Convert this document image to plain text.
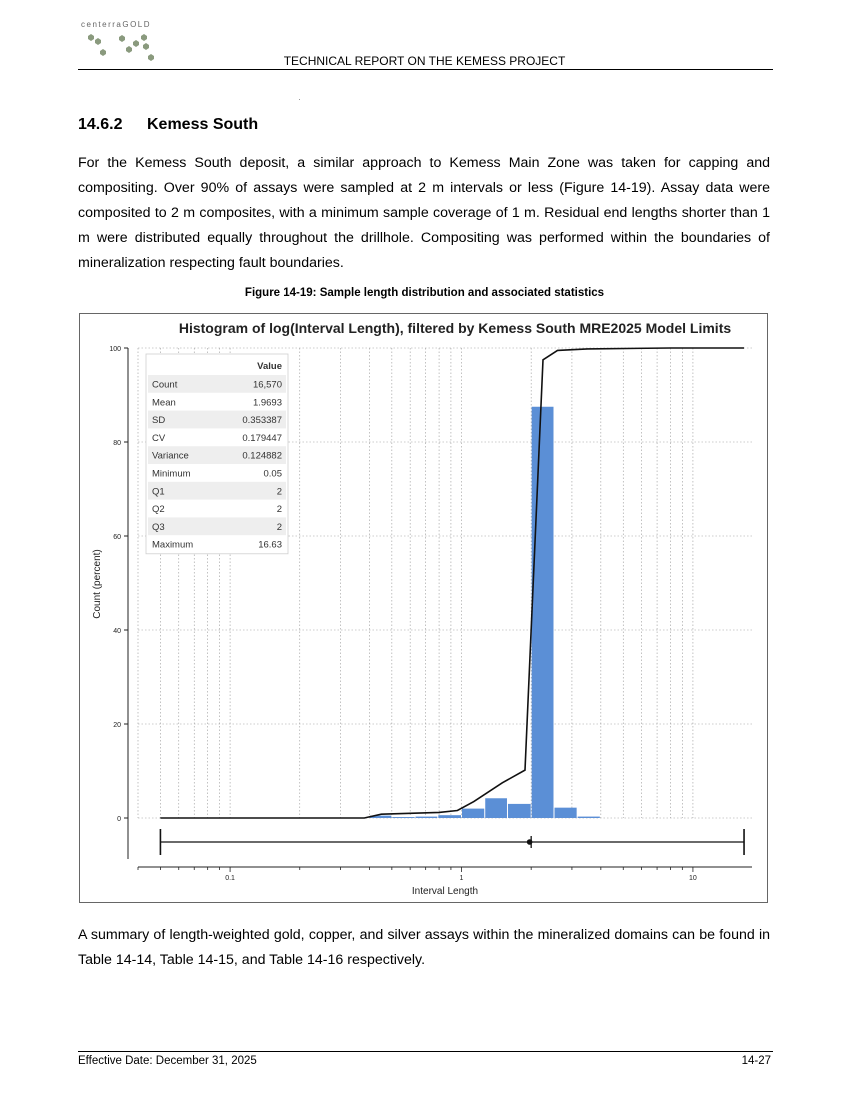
centerraGOLD
TECHNICAL REPORT ON THE KEMESS PROJECT
14.6.2 Kemess South
For the Kemess South deposit, a similar approach to Kemess Main Zone was taken for capping and compositing. Over 90% of assays were sampled at 2 m intervals or less (Figure 14-19). Assay data were composited to 2 m composites, with a minimum sample coverage of 1 m. Residual end lengths shorter than 1 m were distributed equally throughout the drillhole. Compositing was performed within the boundaries of mineralization respecting fault boundaries.
Figure 14-19: Sample length distribution and associated statistics
Histogram of log(Interval Length), filtered by Kemess South MRE2025 Model Limits
0
20
40
60
80
100
0.1	1	10
Value
Count	16,570
Mean	1.9693
SD	0.353387
CV	0.179447
Variance	0.124882
Minimum	0.05
Q1	2
Q2	2
Q3	2
Maximum	16.63
Interval Length
Count (percent)
A summary of length-weighted gold, copper, and silver assays within the mineralized domains can be found in Table 14-14, Table 14-15, and Table 14-16 respectively.
Effective Date: December 31, 2025	14-27
